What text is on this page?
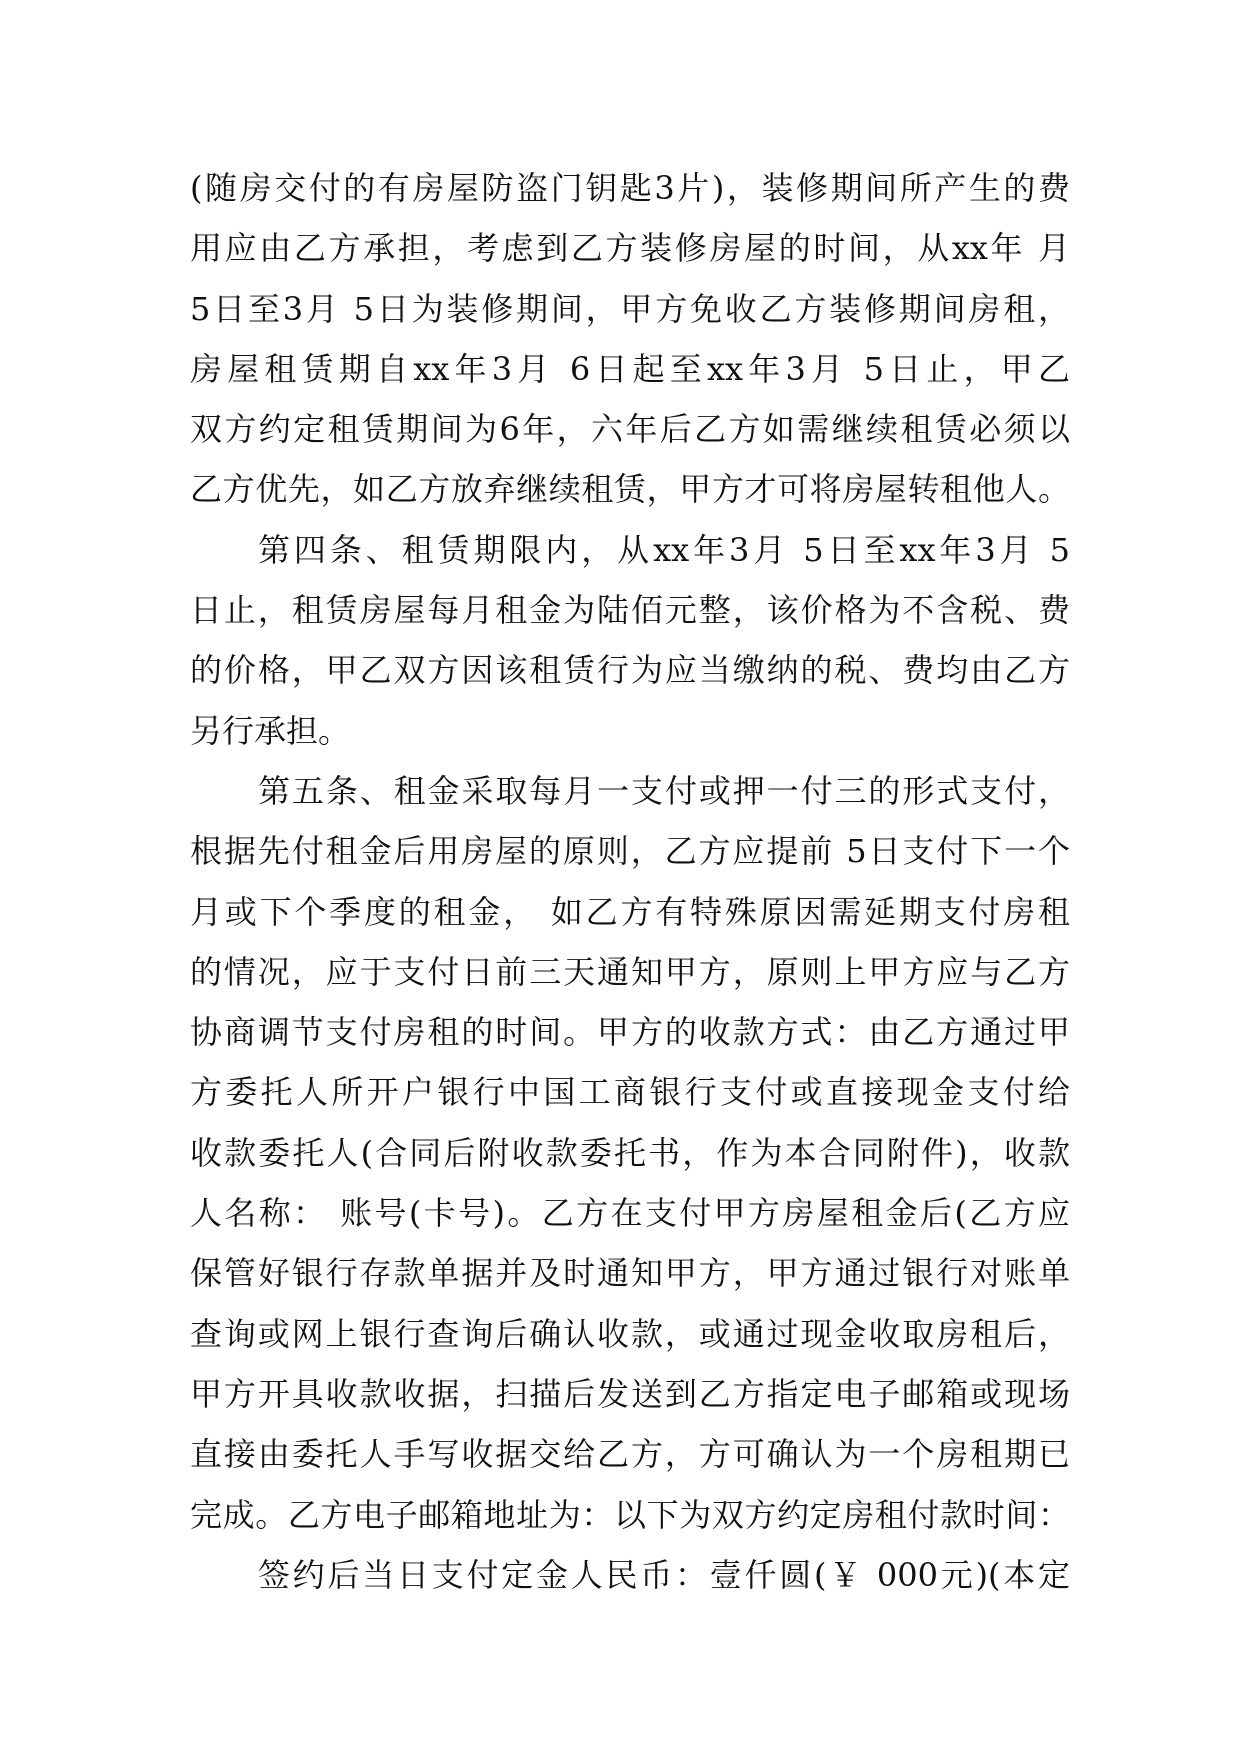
(随房交付的有房屋防盗门钥匙3片)，装修期间所产生的费
用应由乙方承担，考虑到乙方装修房屋的时间，从xx年 月
5日至3月 5日为装修期间，甲方免收乙方装修期间房租，
房屋租赁期自xx年3月 6日起至xx年3月 5日止，甲乙
双方约定租赁期间为6年，六年后乙方如需继续租赁必须以
乙方优先，如乙方放弃继续租赁，甲方才可将房屋转租他人。
第四条、租赁期限内，从xx年3月 5日至xx年3月 5
日止，租赁房屋每月租金为陆佰元整，该价格为不含税、费
的价格，甲乙双方因该租赁行为应当缴纳的税、费均由乙方
另行承担。
第五条、租金采取每月一支付或押一付三的形式支付，
根据先付租金后用房屋的原则，乙方应提前 5日支付下一个
月或下个季度的租金， 如乙方有特殊原因需延期支付房租
的情况，应于支付日前三天通知甲方，原则上甲方应与乙方
协商调节支付房租的时间。甲方的收款方式：由乙方通过甲
方委托人所开户银行中国工商银行支付或直接现金支付给
收款委托人(合同后附收款委托书，作为本合同附件)，收款
人名称： 账号(卡号)。乙方在支付甲方房屋租金后(乙方应
保管好银行存款单据并及时通知甲方，甲方通过银行对账单
查询或网上银行查询后确认收款，或通过现金收取房租后，
甲方开具收款收据，扫描后发送到乙方指定电子邮箱或现场
直接由委托人手写收据交给乙方，方可确认为一个房租期已
完成。乙方电子邮箱地址为：以下为双方约定房租付款时间：
签约后当日支付定金人民币：壹仟圆(￥ 000元)(本定
